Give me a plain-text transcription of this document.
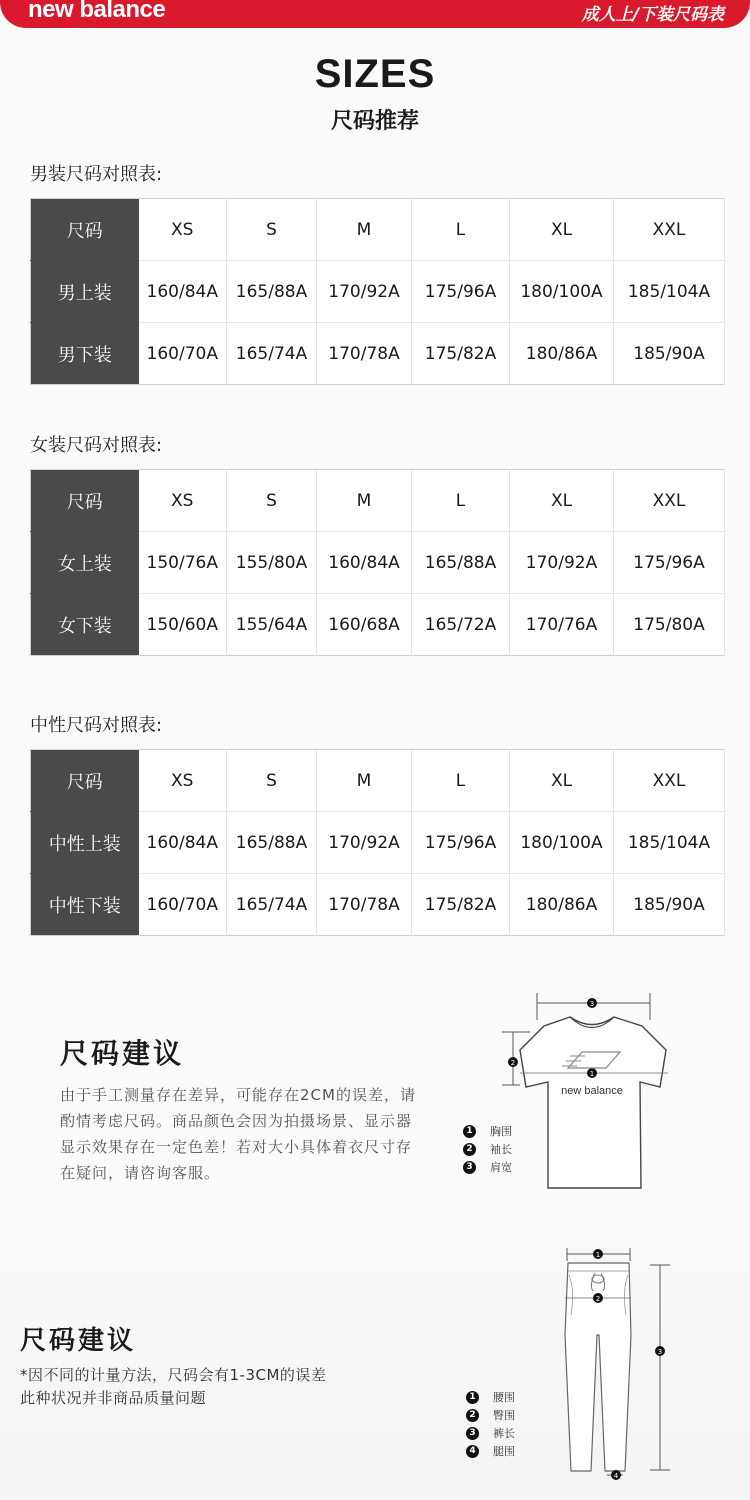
new balance	成人上/下装尺码表
SIZES
尺码推荐
男装尺码对照表:
尺码	XS	S	M	L	XL	XXL
男上装	160/84A	165/88A	170/92A	175/96A	180/100A	185/104A
男下装	160/70A	165/74A	170/78A	175/82A	180/86A	185/90A
女装尺码对照表:
尺码	XS	S	M	L	XL	XXL
女上装	150/76A	155/80A	160/84A	165/88A	170/92A	175/96A
女下装	150/60A	155/64A	160/68A	165/72A	170/76A	175/80A
中性尺码对照表:
尺码	XS	S	M	L	XL	XXL
中性上装	160/84A	165/88A	170/92A	175/96A	180/100A	185/104A
中性下装	160/70A	165/74A	170/78A	175/82A	180/86A	185/90A
尺码建议
由于手工测量存在差异，可能存在2CM的误差，请酌情考虑尺码。商品颜色会因为拍摄场景、显示器显示效果存在一定色差！若对大小具体着衣尺寸存在疑问，请咨询客服。
3
2
1
new balance
1	胸围
2	袖长
3	肩宽
尺码建议
*因不同的计量方法，尺码会有1-3CM的误差
此种状况并非商品质量问题
1
2
3
4
1	腰围
2	臀围
3	裤长
4	腿围
